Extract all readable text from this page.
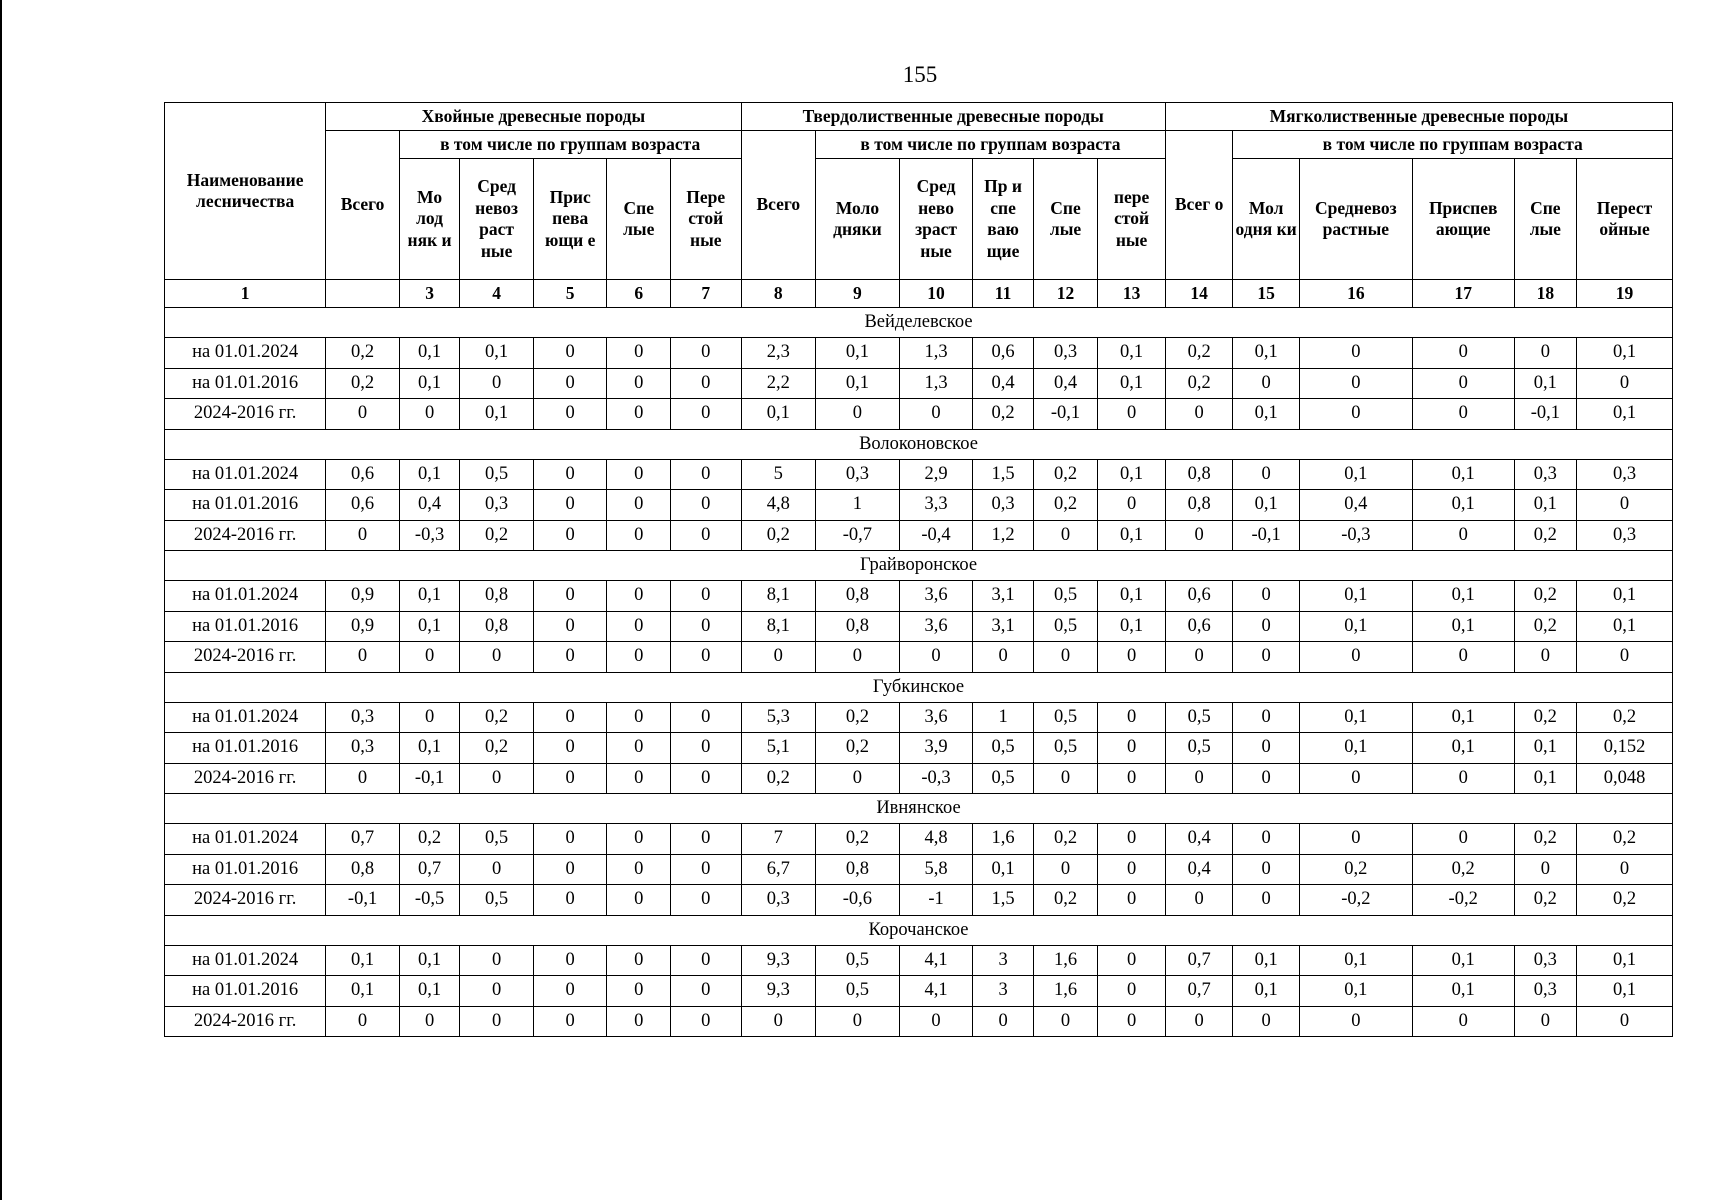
155
Наименование лесничества	Хвойные древесные породы						Твердолиственные древесные породы						Мягколиственные древесные породы					
	Всего	в том числе по группам возраста					Всего	в том числе по группам возраста					Всег о	в том числе по группам возраста				
		Мо лод няк и	Сред невоз раст ные	Прис пева ющи е	Спе лые	Пере стой ные		Моло дняки	Сред нево зраст ные	Пр и спе ваю щие	Спе лые	пере стой ные		Мол одня ки	Средневоз растные	Приспев ающие	Спе лые	Перест ойные
1		3	4	5	6	7	8	9	10	11	12	13	14	15	16	17	18	19
Вейделевское																		
на 01.01.2024	0,2	0,1	0,1	0	0	0	2,3	0,1	1,3	0,6	0,3	0,1	0,2	0,1	0	0	0	0,1
на 01.01.2016	0,2	0,1	0	0	0	0	2,2	0,1	1,3	0,4	0,4	0,1	0,2	0	0	0	0,1	0
2024-2016 гг.	0	0	0,1	0	0	0	0,1	0	0	0,2	-0,1	0	0	0,1	0	0	-0,1	0,1
Волоконовское																		
на 01.01.2024	0,6	0,1	0,5	0	0	0	5	0,3	2,9	1,5	0,2	0,1	0,8	0	0,1	0,1	0,3	0,3
на 01.01.2016	0,6	0,4	0,3	0	0	0	4,8	1	3,3	0,3	0,2	0	0,8	0,1	0,4	0,1	0,1	0
2024-2016 гг.	0	-0,3	0,2	0	0	0	0,2	-0,7	-0,4	1,2	0	0,1	0	-0,1	-0,3	0	0,2	0,3
Грайворонское																		
на 01.01.2024	0,9	0,1	0,8	0	0	0	8,1	0,8	3,6	3,1	0,5	0,1	0,6	0	0,1	0,1	0,2	0,1
на 01.01.2016	0,9	0,1	0,8	0	0	0	8,1	0,8	3,6	3,1	0,5	0,1	0,6	0	0,1	0,1	0,2	0,1
2024-2016 гг.	0	0	0	0	0	0	0	0	0	0	0	0	0	0	0	0	0	0
Губкинское																		
на 01.01.2024	0,3	0	0,2	0	0	0	5,3	0,2	3,6	1	0,5	0	0,5	0	0,1	0,1	0,2	0,2
на 01.01.2016	0,3	0,1	0,2	0	0	0	5,1	0,2	3,9	0,5	0,5	0	0,5	0	0,1	0,1	0,1	0,152
2024-2016 гг.	0	-0,1	0	0	0	0	0,2	0	-0,3	0,5	0	0	0	0	0	0	0,1	0,048
Ивнянское																		
на 01.01.2024	0,7	0,2	0,5	0	0	0	7	0,2	4,8	1,6	0,2	0	0,4	0	0	0	0,2	0,2
на 01.01.2016	0,8	0,7	0	0	0	0	6,7	0,8	5,8	0,1	0	0	0,4	0	0,2	0,2	0	0
2024-2016 гг.	-0,1	-0,5	0,5	0	0	0	0,3	-0,6	-1	1,5	0,2	0	0	0	-0,2	-0,2	0,2	0,2
Корочанское																		
на 01.01.2024	0,1	0,1	0	0	0	0	9,3	0,5	4,1	3	1,6	0	0,7	0,1	0,1	0,1	0,3	0,1
на 01.01.2016	0,1	0,1	0	0	0	0	9,3	0,5	4,1	3	1,6	0	0,7	0,1	0,1	0,1	0,3	0,1
2024-2016 гг.	0	0	0	0	0	0	0	0	0	0	0	0	0	0	0	0	0	0
